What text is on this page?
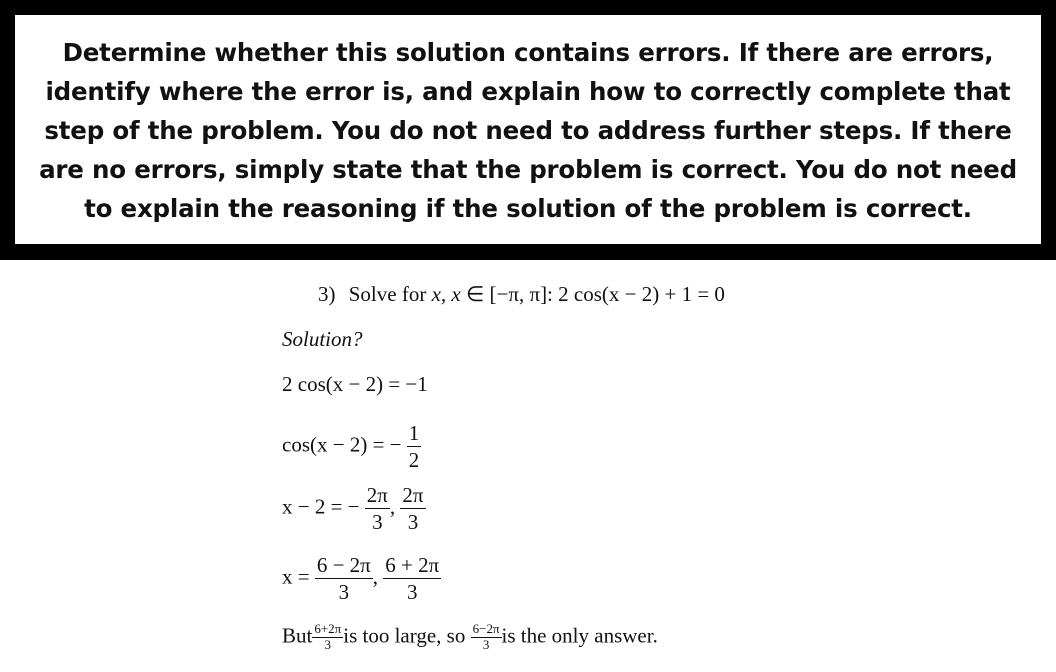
Determine whether this solution contains errors. If there are errors, identify where the error is, and explain how to correctly complete that step of the problem. You do not need to address further steps. If there are no errors, simply state that the problem is correct. You do not need to explain the reasoning if the solution of the problem is correct.
3) Solve for x, x ∈ [−π, π]: 2 cos(x − 2) + 1 = 0
Solution?
2 cos(x − 2) = −1
cos(x − 2) = − $\frac{1}{2}$
x − 2 = − $\frac{2\pi}{3}$ , $\frac{2\pi}{3}$
$x = \frac{6 - 2\pi}{3}$ , $\frac{6 + 2\pi}{3}$
But $\frac{6+2\pi}{3}$ is too large, so $\frac{6-2\pi}{3}$ is the only answer.
